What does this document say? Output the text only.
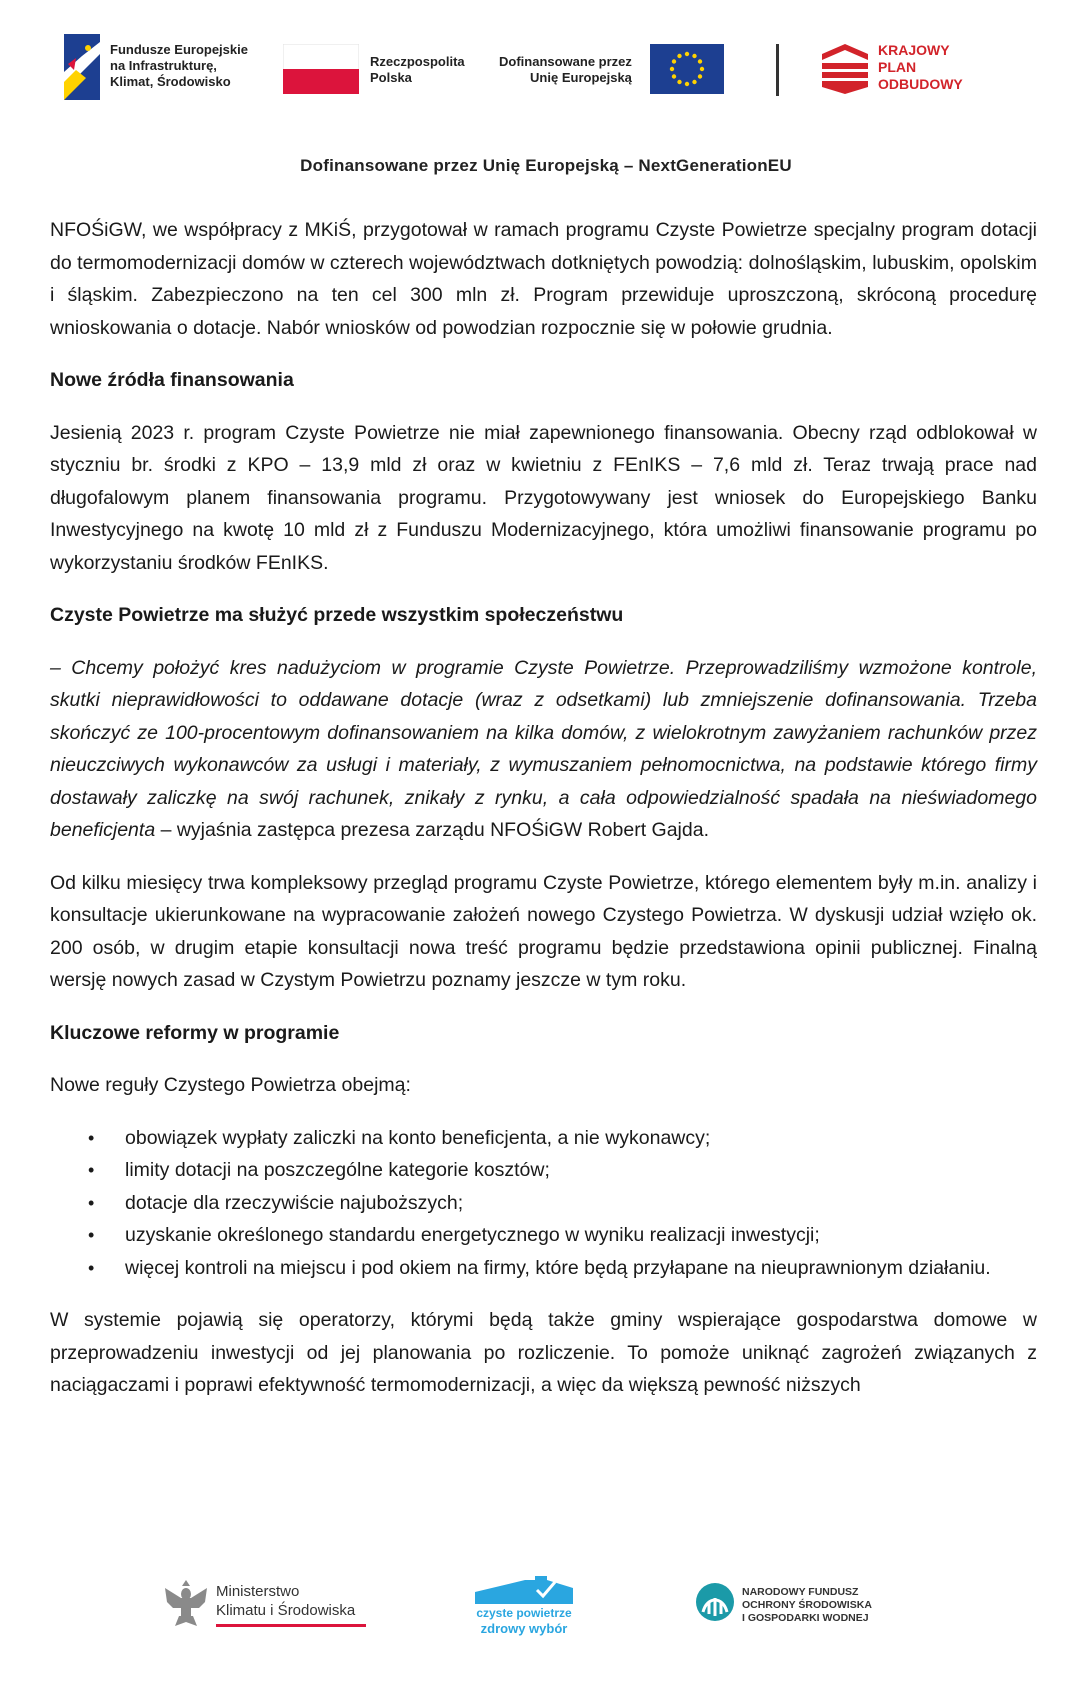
Fundusze Europejskie
na Infrastrukturę,
Klimat, Środowisko
Rzeczpospolita
Polska
Dofinansowane przez
Unię Europejską
KRAJOWY
PLAN
ODBUDOWY
Dofinansowane przez Unię Europejską – NextGenerationEU

NFOŚiGW, we współpracy z MKiŚ, przygotował w ramach programu Czyste Powietrze specjalny program dotacji do termomodernizacji domów w czterech województwach dotkniętych powodzią: dolnośląskim, lubuskim, opolskim i śląskim. Zabezpieczono na ten cel 300 mln zł. Program przewiduje uproszczoną, skróconą procedurę wnioskowania o dotacje. Nabór wniosków od powodzian rozpocznie się w połowie grudnia.

Nowe źródła finansowania

Jesienią 2023 r. program Czyste Powietrze nie miał zapewnionego finansowania. Obecny rząd odblokował w styczniu br. środki z KPO – 13,9 mld zł oraz w kwietniu z FEnIKS – 7,6 mld zł. Teraz trwają prace nad długofalowym planem finansowania programu. Przygotowywany jest wniosek do Europejskiego Banku Inwestycyjnego na kwotę 10 mld zł z Funduszu Modernizacyjnego, która umożliwi finansowanie programu po wykorzystaniu środków FEnIKS.

Czyste Powietrze ma służyć przede wszystkim społeczeństwu

– Chcemy położyć kres nadużyciom w programie Czyste Powietrze. Przeprowadziliśmy wzmożone kontrole, skutki nieprawidłowości to oddawane dotacje (wraz z odsetkami) lub zmniejszenie dofinansowania. Trzeba skończyć ze 100-procentowym dofinansowaniem na kilka domów, z wielokrotnym zawyżaniem rachunków przez nieuczciwych wykonawców za usługi i materiały, z wymuszaniem pełnomocnictwa, na podstawie którego firmy dostawały zaliczkę na swój rachunek, znikały z rynku, a cała odpowiedzialność spadała na nieświadomego beneficjenta – wyjaśnia zastępca prezesa zarządu NFOŚiGW Robert Gajda.

Od kilku miesięcy trwa kompleksowy przegląd programu Czyste Powietrze, którego elementem były m.in. analizy i konsultacje ukierunkowane na wypracowanie założeń nowego Czystego Powietrza. W dyskusji udział wzięło ok. 200 osób, w drugim etapie konsultacji nowa treść programu będzie przedstawiona opinii publicznej. Finalną wersję nowych zasad w Czystym Powietrzu poznamy jeszcze w tym roku.

Kluczowe reformy w programie

Nowe reguły Czystego Powietrza obejmą:

• obowiązek wypłaty zaliczki na konto beneficjenta, a nie wykonawcy;
• limity dotacji na poszczególne kategorie kosztów;
• dotacje dla rzeczywiście najuboższych;
• uzyskanie określonego standardu energetycznego w wyniku realizacji inwestycji;
• więcej kontroli na miejscu i pod okiem na firmy, które będą przyłapane na nieuprawnionym działaniu.

W systemie pojawią się operatorzy, którymi będą także gminy wspierające gospodarstwa domowe w przeprowadzeniu inwestycji od jej planowania po rozliczenie. To pomoże uniknąć zagrożeń związanych z naciągaczami i poprawi efektywność termomodernizacji, a więc da większą pewność niższych

Ministerstwo
Klimatu i Środowiska	czyste powietrze
zdrowy wybór
NARODOWY FUNDUSZ
OCHRONY ŚRODOWISKA
I GOSPODARKI WODNEJ
